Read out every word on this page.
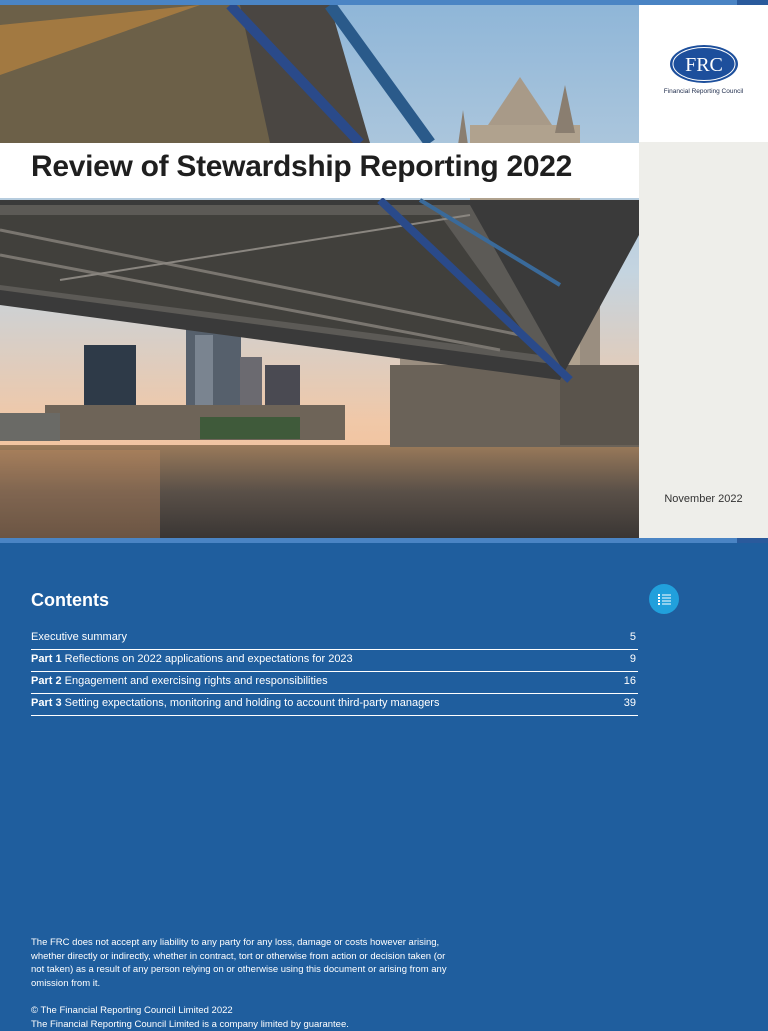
Review of Stewardship Reporting 2022
FRC
Financial Reporting Council
November 2022
Contents
Executive summary	5
Part 1 Reflections on 2022 applications and expectations for 2023	9
Part 2 Engagement and exercising rights and responsibilities	16
Part 3 Setting expectations, monitoring and holding to account third-party managers	39
The FRC does not accept any liability to any party for any loss, damage or costs however arising, whether directly or indirectly, whether in contract, tort or otherwise from action or decision taken (or not taken) as a result of any person relying on or otherwise using this document or arising from any omission from it.
© The Financial Reporting Council Limited 2022
The Financial Reporting Council Limited is a company limited by guarantee.
